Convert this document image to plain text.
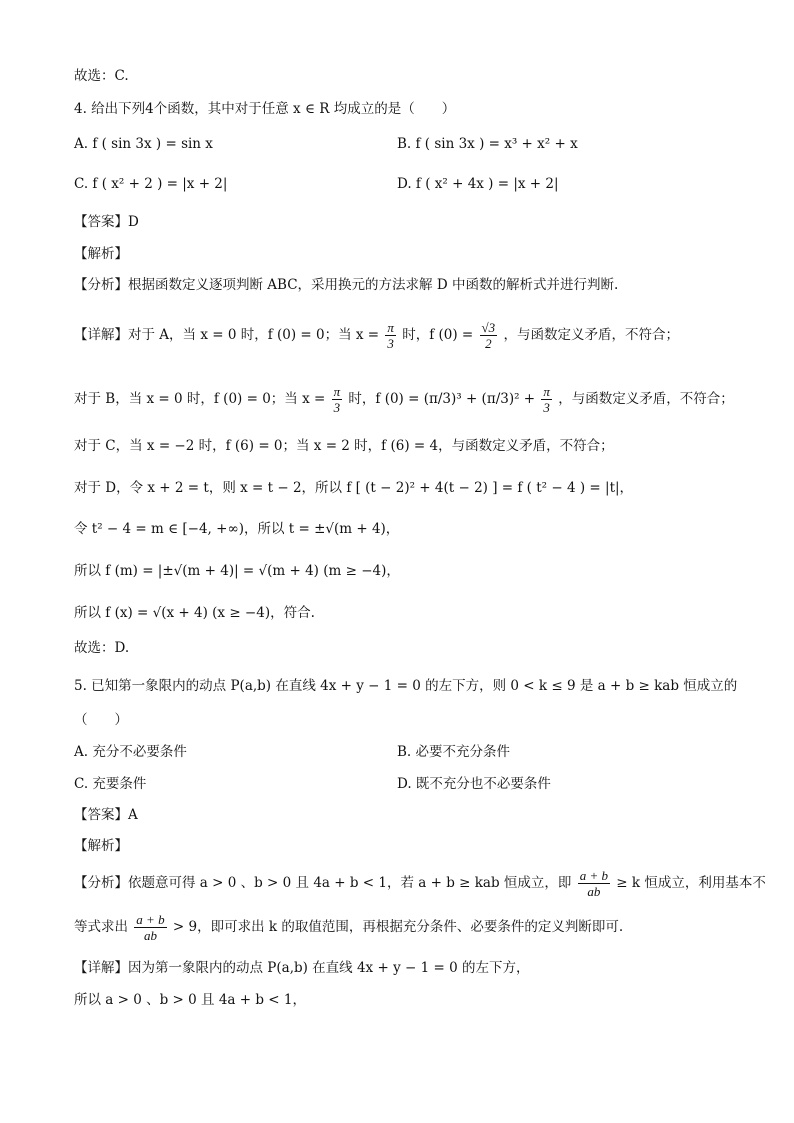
故选：C.
4. 给出下列4个函数，其中对于任意 x ∈ R 均成立的是（　　）
A. f ( sin 3x ) = sin x	B. f ( sin 3x ) = x³ + x² + x
C. f ( x² + 2 ) = |x + 2|	D. f ( x² + 4x ) = |x + 2|
【答案】D
【解析】
【分析】根据函数定义逐项判断 ABC，采用换元的方法求解 D 中函数的解析式并进行判断.
【详解】对于 A，当 x = 0 时，f (0) = 0；当 $x = \frac{\pi}{3}$ 时，f $(0) = \frac{√3}{2}$ ，与函数定义矛盾，不符合；
对于 B，当 x = 0 时，f (0) = 0；当 $x = \frac{\pi}{3}$ 时，f $(0) = (\pi/3)^3 + (\pi/3)^2 + \frac{\pi}{3}$ ，与函数定义矛盾，不符合；
对于 C，当 x = −2 时，f (6) = 0；当 x = 2 时，f (6) = 4，与函数定义矛盾，不符合；
对于 D，令 x + 2 = t，则 x = t − 2，所以 f [ (t − 2)² + 4(t − 2) ] = f ( t² − 4 ) = |t|，
令 t² − 4 = m ∈ [−4, +∞)，所以 t = ±√(m + 4)，
所以 f (m) = |±√(m + 4)| = √(m + 4) (m ≥ −4)，
所以 f (x) = √(x + 4) (x ≥ −4)，符合.
故选：D.
5. 已知第一象限内的动点 P(a,b) 在直线 4x + y − 1 = 0 的左下方，则 0 < k ≤ 9 是 a + b ≥ kab 恒成立的
（　　）
A. 充分不必要条件	B. 必要不充分条件
C. 充要条件	D. 既不充分也不必要条件
【答案】A
【解析】
【分析】依题意可得 a > 0 、b > 0 且 4a + b < 1，若 a + b ≥ kab 恒成立，即 $\frac{a + b}{ab} \ge k$ 恒成立，利用基本不
等式求出 $\frac{a + b}{ab} > 9$，即可求出 k 的取值范围，再根据充分条件、必要条件的定义判断即可.
【详解】因为第一象限内的动点 P(a,b) 在直线 4x + y − 1 = 0 的左下方，
所以 a > 0 、b > 0 且 4a + b < 1，
